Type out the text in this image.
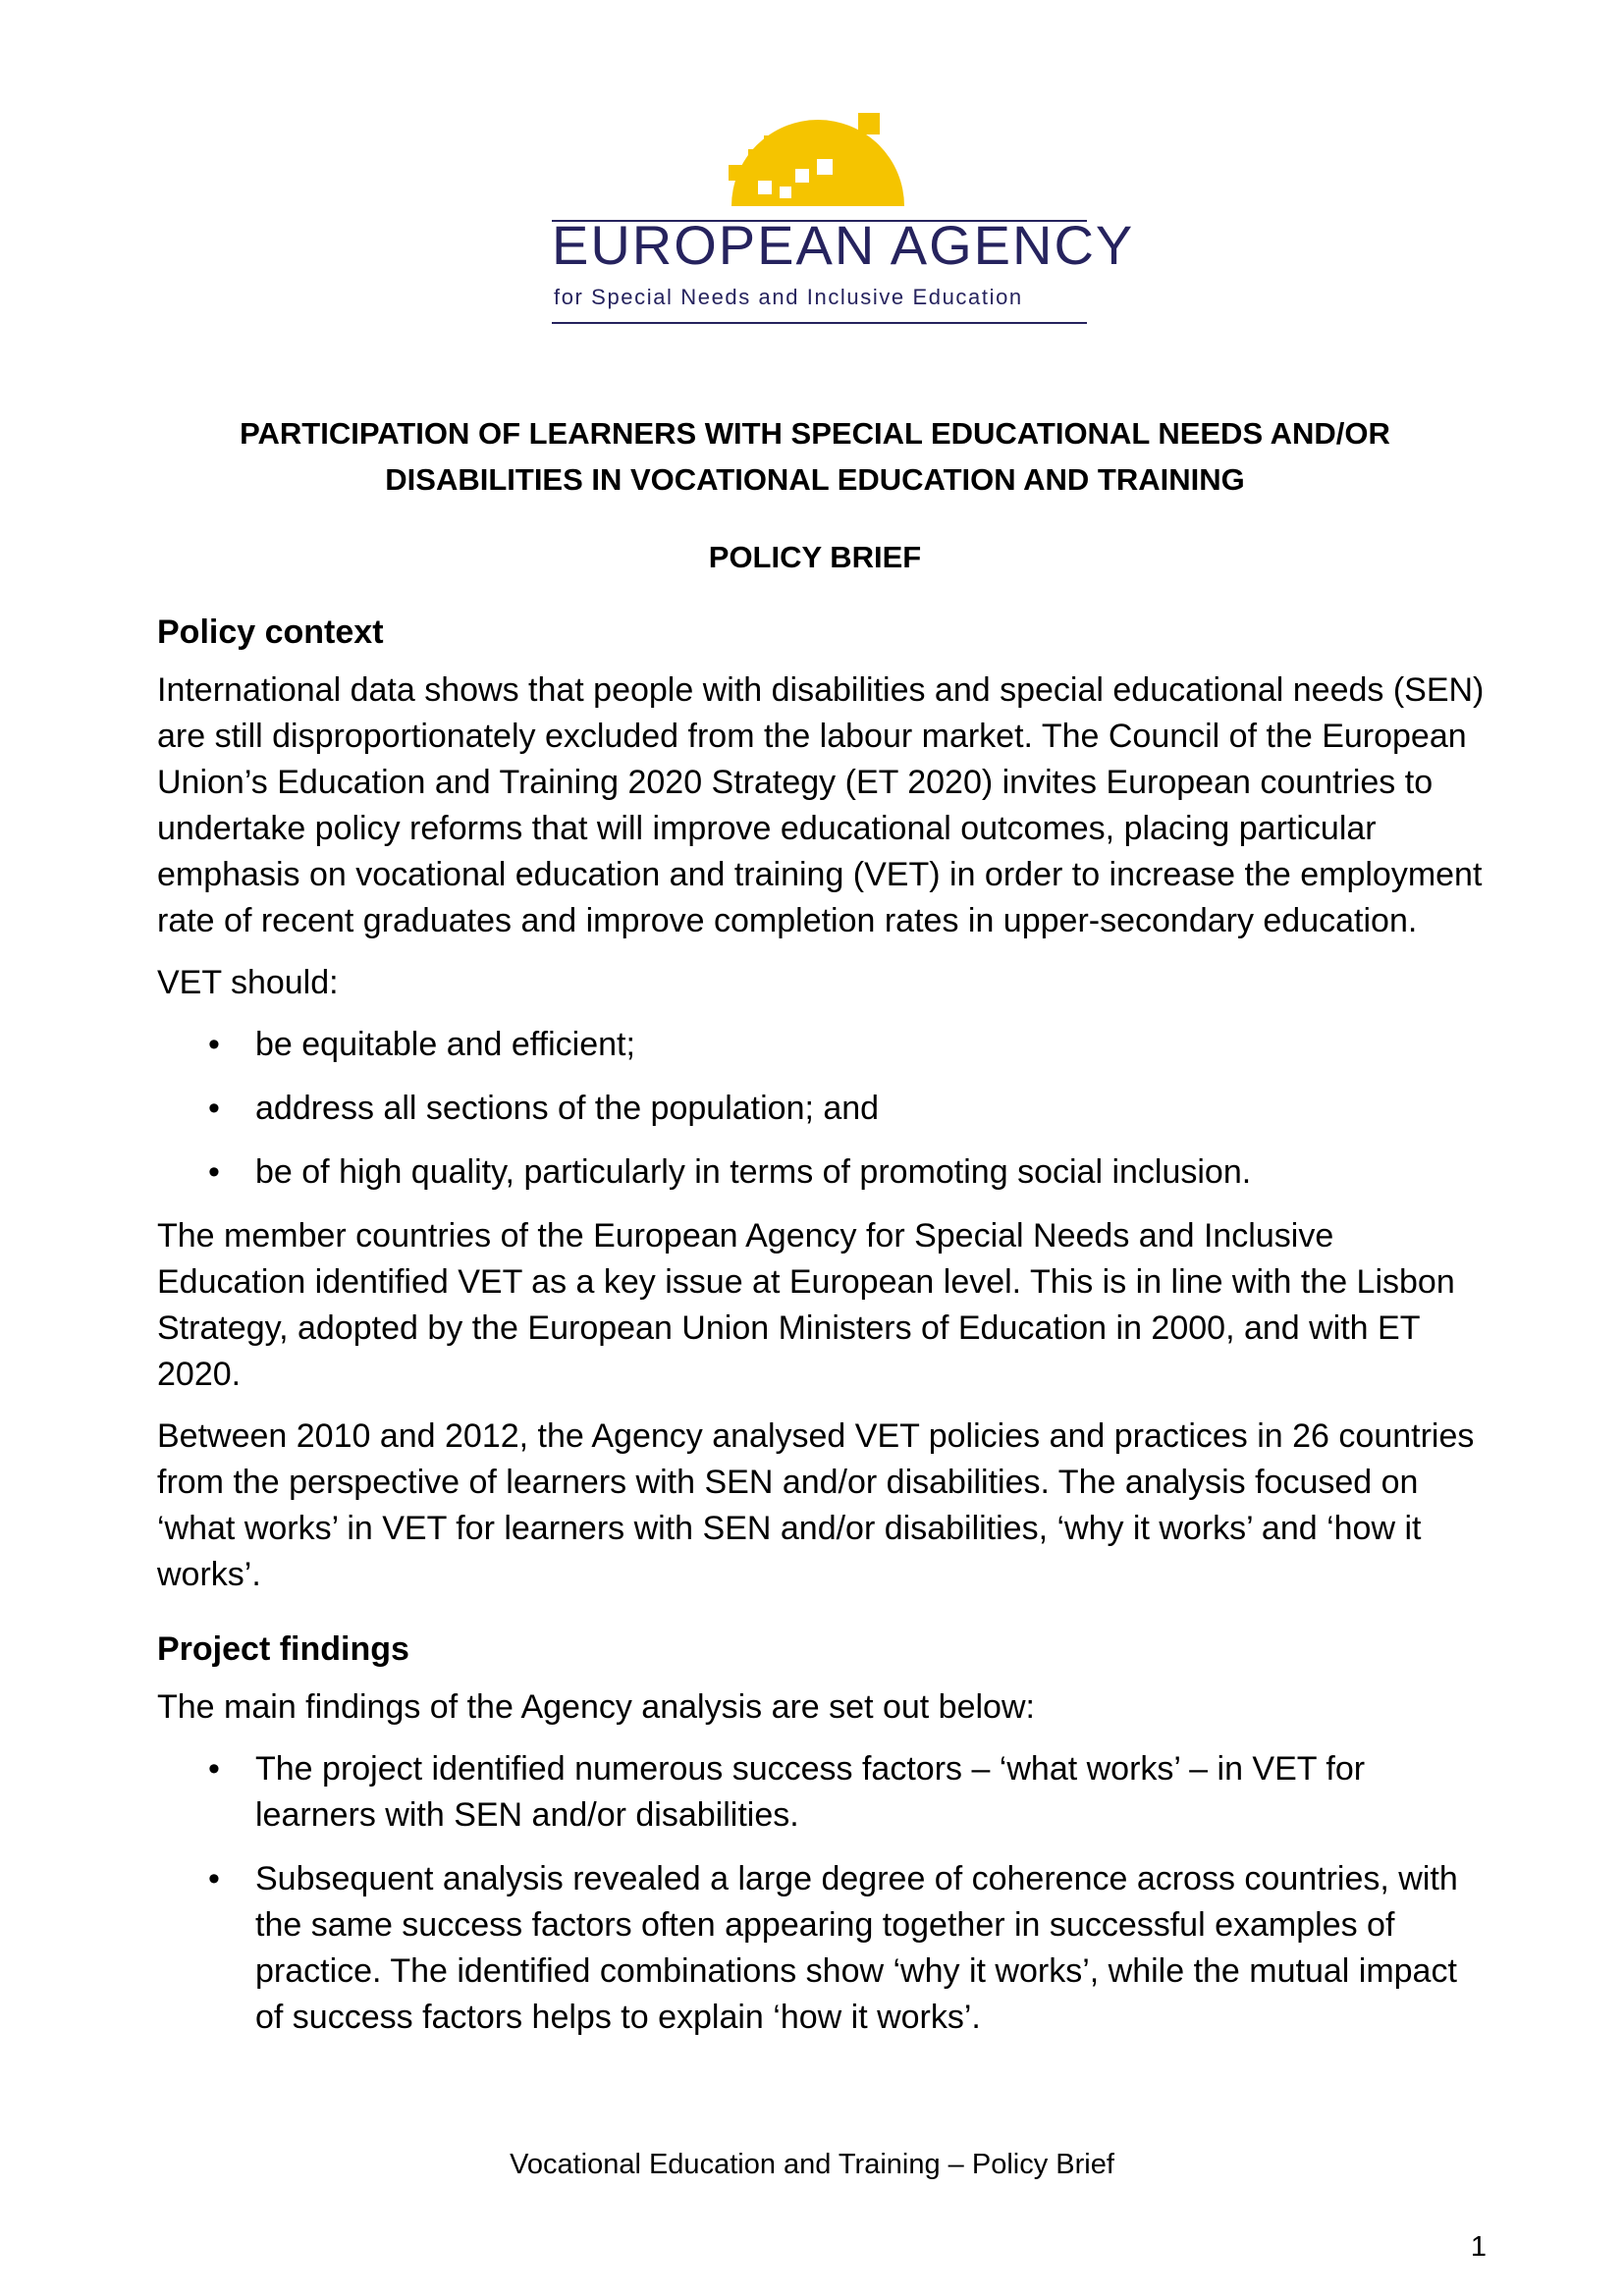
EUROPEAN AGENCY
for Special Needs and Inclusive Education
PARTICIPATION OF LEARNERS WITH SPECIAL EDUCATIONAL NEEDS AND/OR DISABILITIES IN VOCATIONAL EDUCATION AND TRAINING
POLICY BRIEF
Policy context

International data shows that people with disabilities and special educational needs (SEN) are still disproportionately excluded from the labour market. The Council of the European Union’s Education and Training 2020 Strategy (ET 2020) invites European countries to undertake policy reforms that will improve educational outcomes, placing particular emphasis on vocational education and training (VET) in order to increase the employment rate of recent graduates and improve completion rates in upper-secondary education.

VET should:

• be equitable and efficient;
• address all sections of the population; and
• be of high quality, particularly in terms of promoting social inclusion.

The member countries of the European Agency for Special Needs and Inclusive Education identified VET as a key issue at European level. This is in line with the Lisbon Strategy, adopted by the European Union Ministers of Education in 2000, and with ET 2020.

Between 2010 and 2012, the Agency analysed VET policies and practices in 26 countries from the perspective of learners with SEN and/or disabilities. The analysis focused on ‘what works’ in VET for learners with SEN and/or disabilities, ‘why it works’ and ‘how it works’.

Project findings

The main findings of the Agency analysis are set out below:

• The project identified numerous success factors – ‘what works’ – in VET for learners with SEN and/or disabilities.
• Subsequent analysis revealed a large degree of coherence across countries, with the same success factors often appearing together in successful examples of practice. The identified combinations show ‘why it works’, while the mutual impact of success factors helps to explain ‘how it works’.
Vocational Education and Training – Policy Brief
1
